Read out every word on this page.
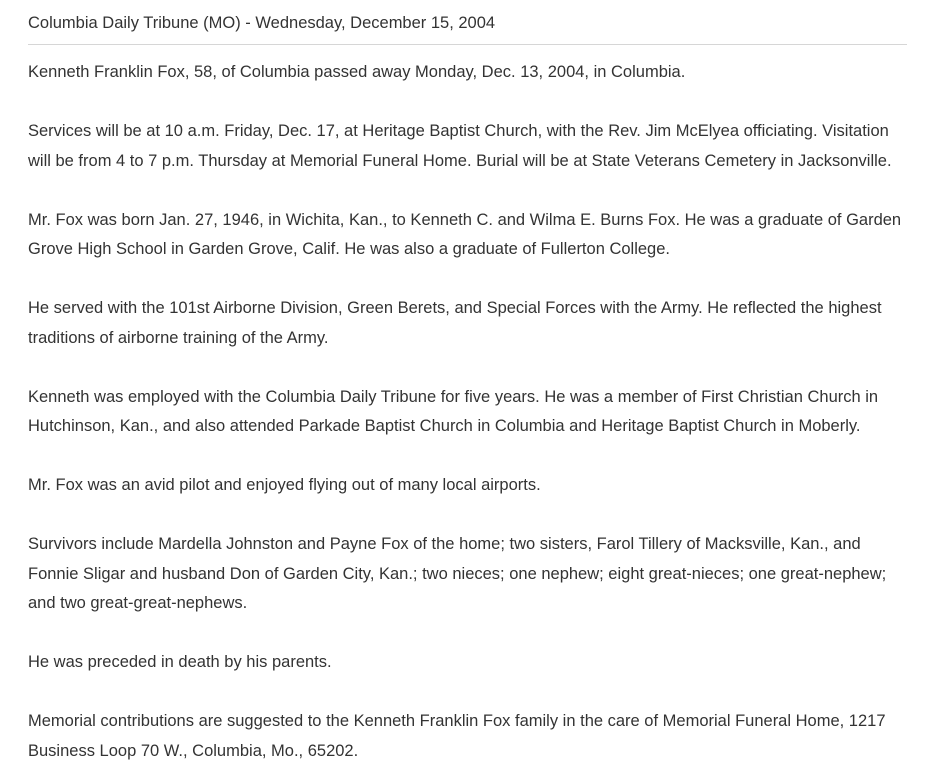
Columbia Daily Tribune (MO) - Wednesday, December 15, 2004

Kenneth Franklin Fox, 58, of Columbia passed away Monday, Dec. 13, 2004, in Columbia.

Services will be at 10 a.m. Friday, Dec. 17, at Heritage Baptist Church, with the Rev. Jim McElyea officiating. Visitation will be from 4 to 7 p.m. Thursday at Memorial Funeral Home. Burial will be at State Veterans Cemetery in Jacksonville.

Mr. Fox was born Jan. 27, 1946, in Wichita, Kan., to Kenneth C. and Wilma E. Burns Fox. He was a graduate of Garden Grove High School in Garden Grove, Calif. He was also a graduate of Fullerton College.

He served with the 101st Airborne Division, Green Berets, and Special Forces with the Army. He reflected the highest traditions of airborne training of the Army.

Kenneth was employed with the Columbia Daily Tribune for five years. He was a member of First Christian Church in Hutchinson, Kan., and also attended Parkade Baptist Church in Columbia and Heritage Baptist Church in Moberly.

Mr. Fox was an avid pilot and enjoyed flying out of many local airports.

Survivors include Mardella Johnston and Payne Fox of the home; two sisters, Farol Tillery of Macksville, Kan., and Fonnie Sligar and husband Don of Garden City, Kan.; two nieces; one nephew; eight great-nieces; one great-nephew; and two great-great-nephews.

He was preceded in death by his parents.

Memorial contributions are suggested to the Kenneth Franklin Fox family in the care of Memorial Funeral Home, 1217 Business Loop 70 W., Columbia, Mo., 65202.
